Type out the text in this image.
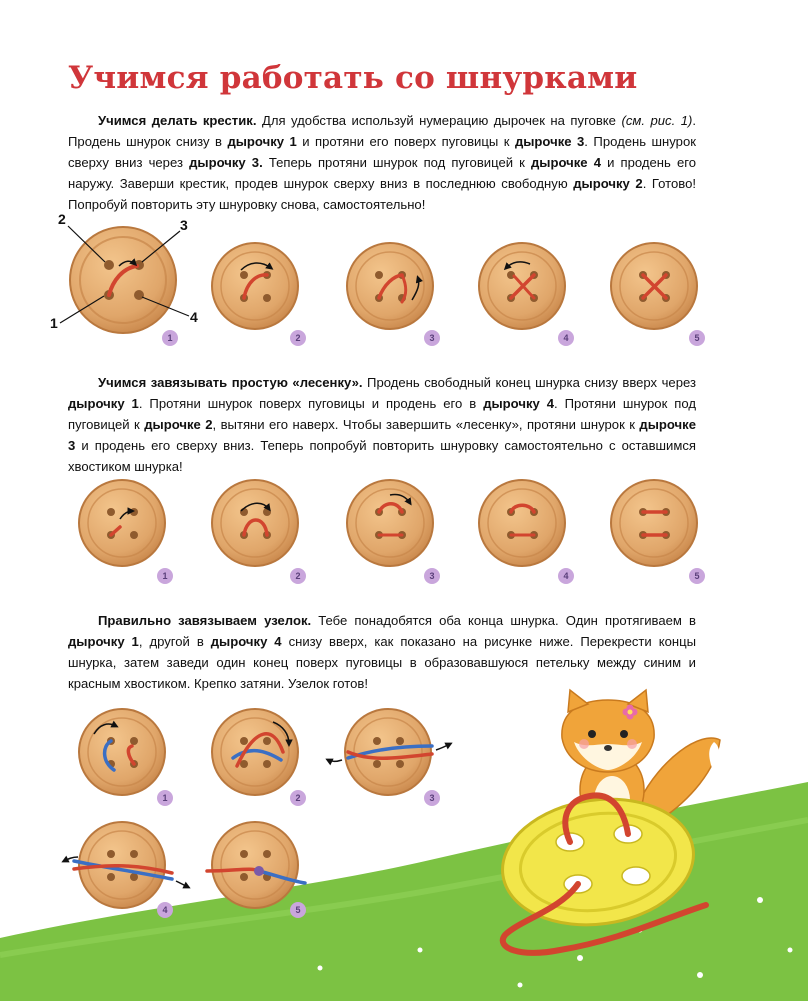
Учимся работать со шнурками

Учимся делать крестик. Для удобства используй нумерацию дырочек на пуговке (см. рис. 1). Продень шнурок снизу в дырочку 1 и протяни его поверх пуговицы к дырочке 3. Продень шнурок сверху вниз через дырочку 3. Теперь протяни шнурок под пуговицей к дырочке 4 и продень его наружу. Заверши крестик, продев шнурок сверху вниз в последнюю свободную дырочку 2. Готово! Попробуй повторить эту шнуровку снова, самостоятельно!

Учимся завязывать простую «лесенку». Продень свободный конец шнурка снизу вверх через дырочку 1. Протяни шнурок поверх пуговицы и продень его в дырочку 4. Протяни шнурок под пуговицей к дырочке 2, вытяни его наверх. Чтобы завершить «лесенку», протяни шнурок к дырочке 3 и продень его сверху вниз. Теперь попробуй повторить шнуровку самостоятельно с оставшимся хвостиком шнурка!

Правильно завязываем узелок. Тебе понадобятся оба конца шнурка. Один протягиваем в дырочку 1, другой в дырочку 4 снизу вверх, как показано на рисунке ниже. Перекрести концы шнурка, затем заведи один конец поверх пуговицы в образовавшуюся петельку между синим и красным хвостиком. Крепко затяни. Узелок готов!

2	3
1	4
1	2	3	4	5
1	2	3	4	5
1	2	3
4	5
